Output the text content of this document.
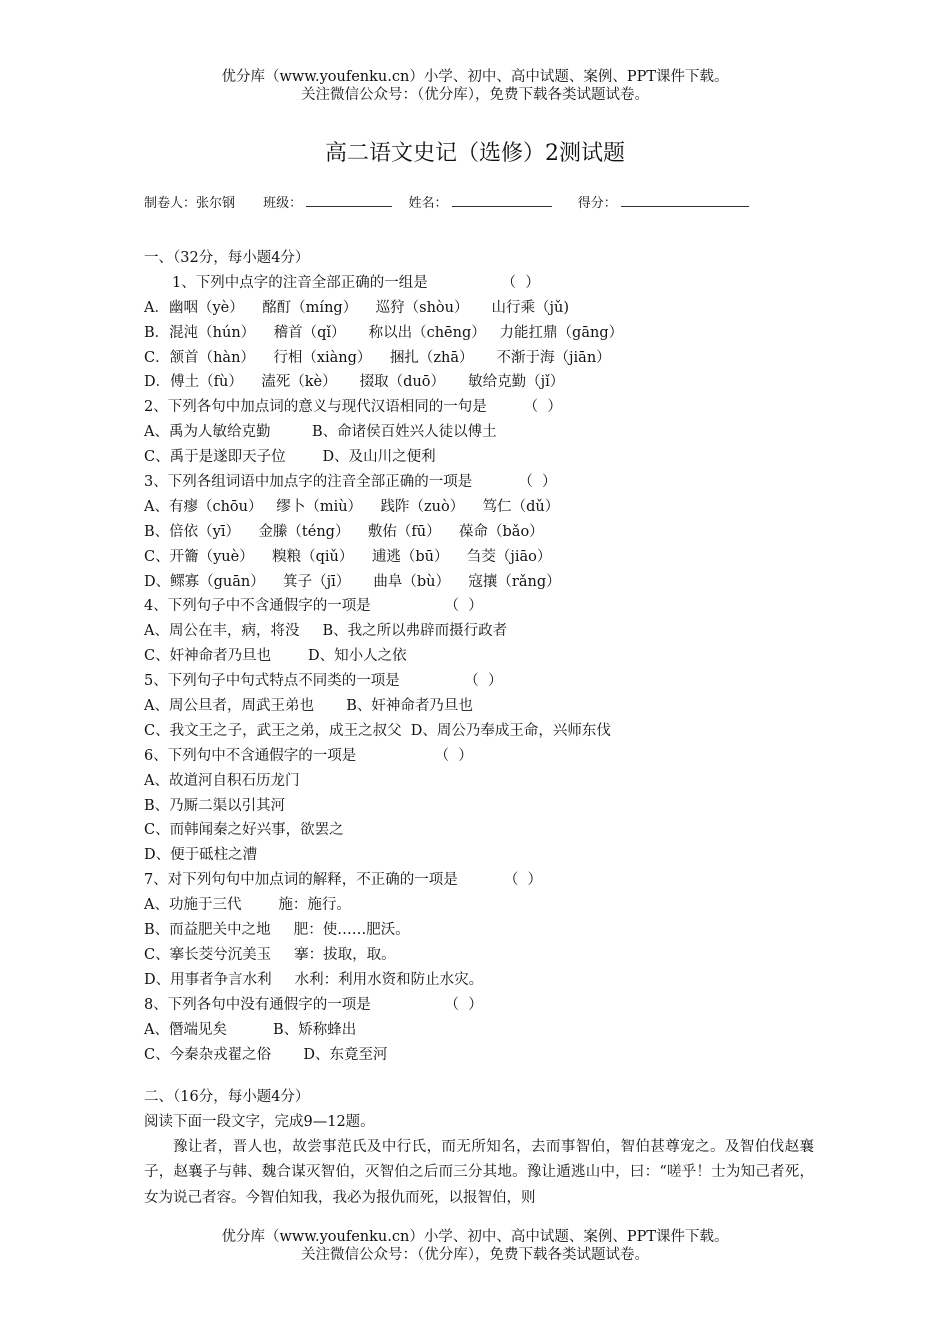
优分库（www.youfenku.cn）小学、初中、高中试题、案例、PPT课件下载。
关注微信公众号：（优分库），免费下载各类试题试卷。
高二语文史记（选修）2测试题
制卷人：张尔钢 班级：	姓名：	得分：
一、（32分，每小题4分）
1、下列中点字的注音全部正确的一组是                （  ）
A．幽咽（yè）    酩酊（míng）    巡狩（shòu）     山行乘（jǔ)
B．混沌（hún）    稽首（qǐ）     称以出（chēng）   力能扛鼎（gāng）
C．颔首（hàn）    行相（xiàng）    捆扎（zhā）     不渐于海（jiān）
D．傅土（fù）    溘死（kè）     掇取（duō）     敏给克勤（jǐ）
2、下列各句中加点词的意义与现代汉语相同的一句是        （  ）
A、禹为人敏给克勤         B、命诸侯百姓兴人徒以傅土
C、禹于是遂即天子位        D、及山川之便利
3、下列各组词语中加点字的注音全部正确的一项是          （  ）
A、有瘳（chōu）   缪卜（miù）    践阼（zuò）    笃仁（dǔ）
B、倍依（yī）    金縢（téng）    敷佑（fū）    葆命（bǎo）
C、开籥（yuè）    糗粮（qiǔ）    逋逃（bū）    刍茭（jiāo）
D、鳏寡（guān）    箕子（jī）     曲阜（bù）    寇攘（rǎng）
4、下列句子中不含通假字的一项是                （  ）
A、周公在丰，病，将没     B、我之所以弗辟而摄行政者
C、奸神命者乃旦也        D、知小人之依
5、下列句子中句式特点不同类的一项是              （  ）
A、周公旦者，周武王弟也       B、奸神命者乃旦也
C、我文王之子，武王之弟，成王之叔父  D、周公乃奉成王命，兴师东伐
6、下列句中不含通假字的一项是                 （  ）
A、故道河自积石历龙门
B、乃厮二渠以引其河
C、而韩闻秦之好兴事，欲罢之
D、便于砥柱之漕
7、对下列句句中加点词的解释，不正确的一项是          （  ）
A、功施于三代        施：施行。
B、而益肥关中之地     肥：使……肥沃。
C、搴长茭兮沉美玉     搴：拔取，取。
D、用事者争言水利     水利：利用水资和防止水灾。
8、下列各句中没有通假字的一项是                （  ）
A、僭端见矣          B、矫称蜂出
C、今秦杂戎翟之俗       D、东竟至河
二、（16分，每小题4分）
阅读下面一段文字，完成9—12题。
豫让者，晋人也，故尝事范氏及中行氏，而无所知名，去而事智伯，智伯甚尊宠之。及智伯伐赵襄子，赵襄子与韩、魏合谋灭智伯，灭智伯之后而三分其地。豫让遁逃山中，曰：“嗟乎！士为知己者死，女为说己者容。今智伯知我，我必为报仇而死，以报智伯，则
优分库（www.youfenku.cn）小学、初中、高中试题、案例、PPT课件下载。
关注微信公众号：（优分库），免费下载各类试题试卷。
